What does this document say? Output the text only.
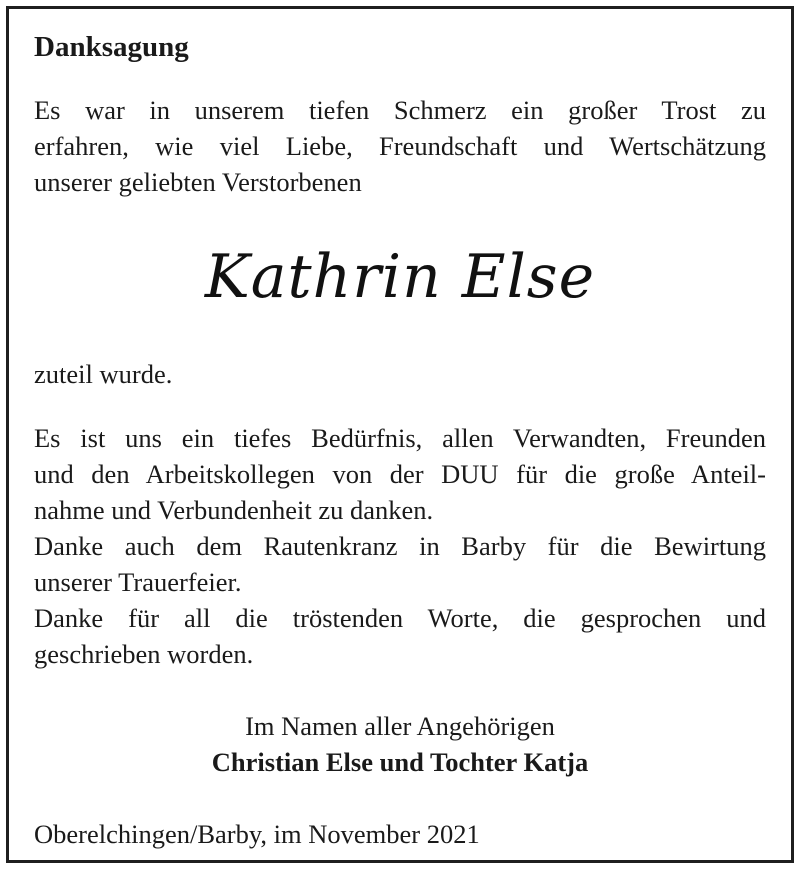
Danksagung
Es war in unserem tiefen Schmerz ein großer Trost zu
erfahren, wie viel Liebe, Freundschaft und Wertschätzung
unserer geliebten Verstorbenen
Kathrin Else
zuteil wurde.
Es ist uns ein tiefes Bedürfnis, allen Verwandten, Freunden
und den Arbeitskollegen von der DUU für die große Anteil-
nahme und Verbundenheit zu danken.
Danke auch dem Rautenkranz in Barby für die Bewirtung
unserer Trauerfeier.
Danke für all die tröstenden Worte, die gesprochen und
geschrieben worden.
Im Namen aller Angehörigen
Christian Else und Tochter Katja
Oberelchingen/Barby, im November 2021
